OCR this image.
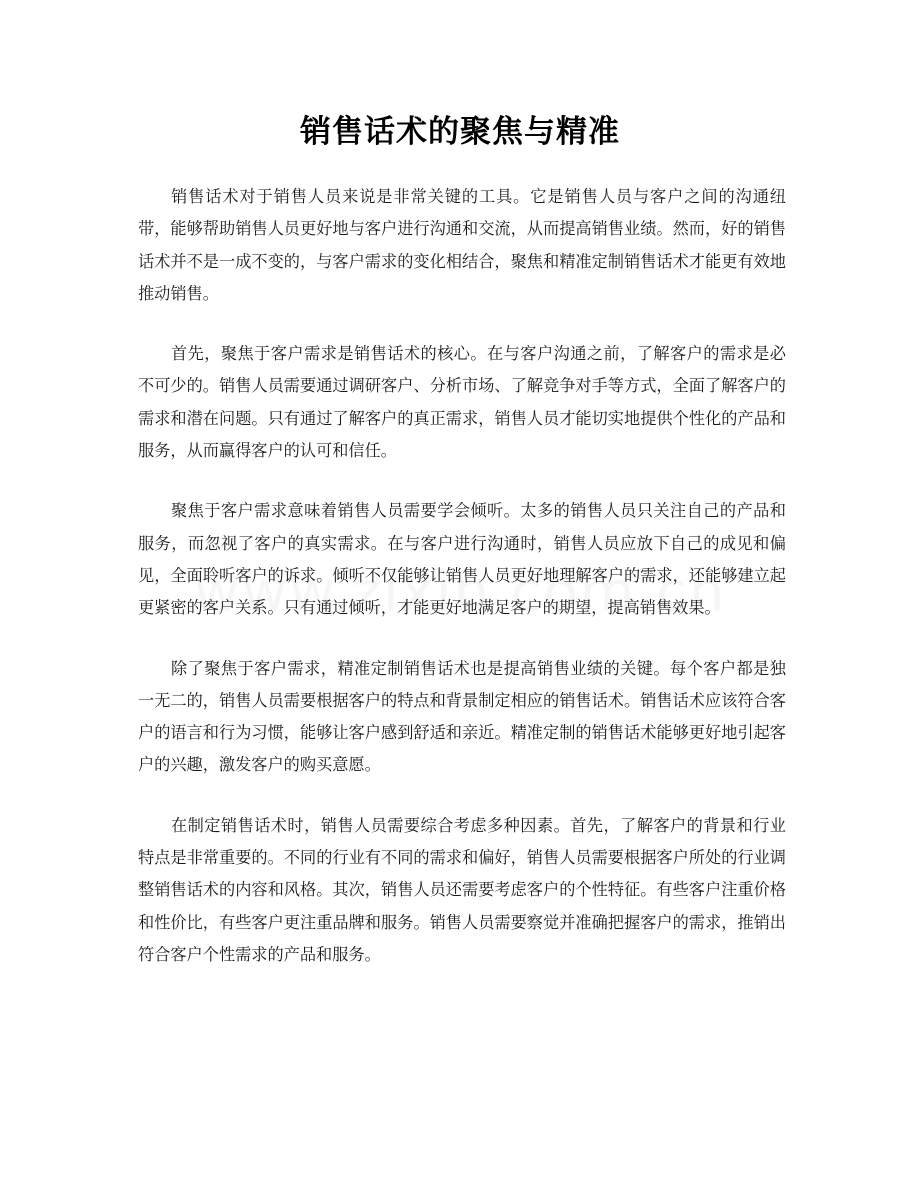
销售话术的聚焦与精准

销售话术对于销售人员来说是非常关键的工具。它是销售人员与客户之间的沟通纽带，能够帮助销售人员更好地与客户进行沟通和交流，从而提高销售业绩。然而，好的销售话术并不是一成不变的，与客户需求的变化相结合，聚焦和精准定制销售话术才能更有效地推动销售。

首先，聚焦于客户需求是销售话术的核心。在与客户沟通之前，了解客户的需求是必不可少的。销售人员需要通过调研客户、分析市场、了解竞争对手等方式，全面了解客户的需求和潜在问题。只有通过了解客户的真正需求，销售人员才能切实地提供个性化的产品和服务，从而赢得客户的认可和信任。

聚焦于客户需求意味着销售人员需要学会倾听。太多的销售人员只关注自己的产品和服务，而忽视了客户的真实需求。在与客户进行沟通时，销售人员应放下自己的成见和偏见，全面聆听客户的诉求。倾听不仅能够让销售人员更好地理解客户的需求，还能够建立起更紧密的客户关系。只有通过倾听，才能更好地满足客户的期望，提高销售效果。

除了聚焦于客户需求，精准定制销售话术也是提高销售业绩的关键。每个客户都是独一无二的，销售人员需要根据客户的特点和背景制定相应的销售话术。销售话术应该符合客户的语言和行为习惯，能够让客户感到舒适和亲近。精准定制的销售话术能够更好地引起客户的兴趣，激发客户的购买意愿。

在制定销售话术时，销售人员需要综合考虑多种因素。首先，了解客户的背景和行业特点是非常重要的。不同的行业有不同的需求和偏好，销售人员需要根据客户所处的行业调整销售话术的内容和风格。其次，销售人员还需要考虑客户的个性特征。有些客户注重价格和性价比，有些客户更注重品牌和服务。销售人员需要察觉并准确把握客户的需求，推销出符合客户个性需求的产品和服务。
